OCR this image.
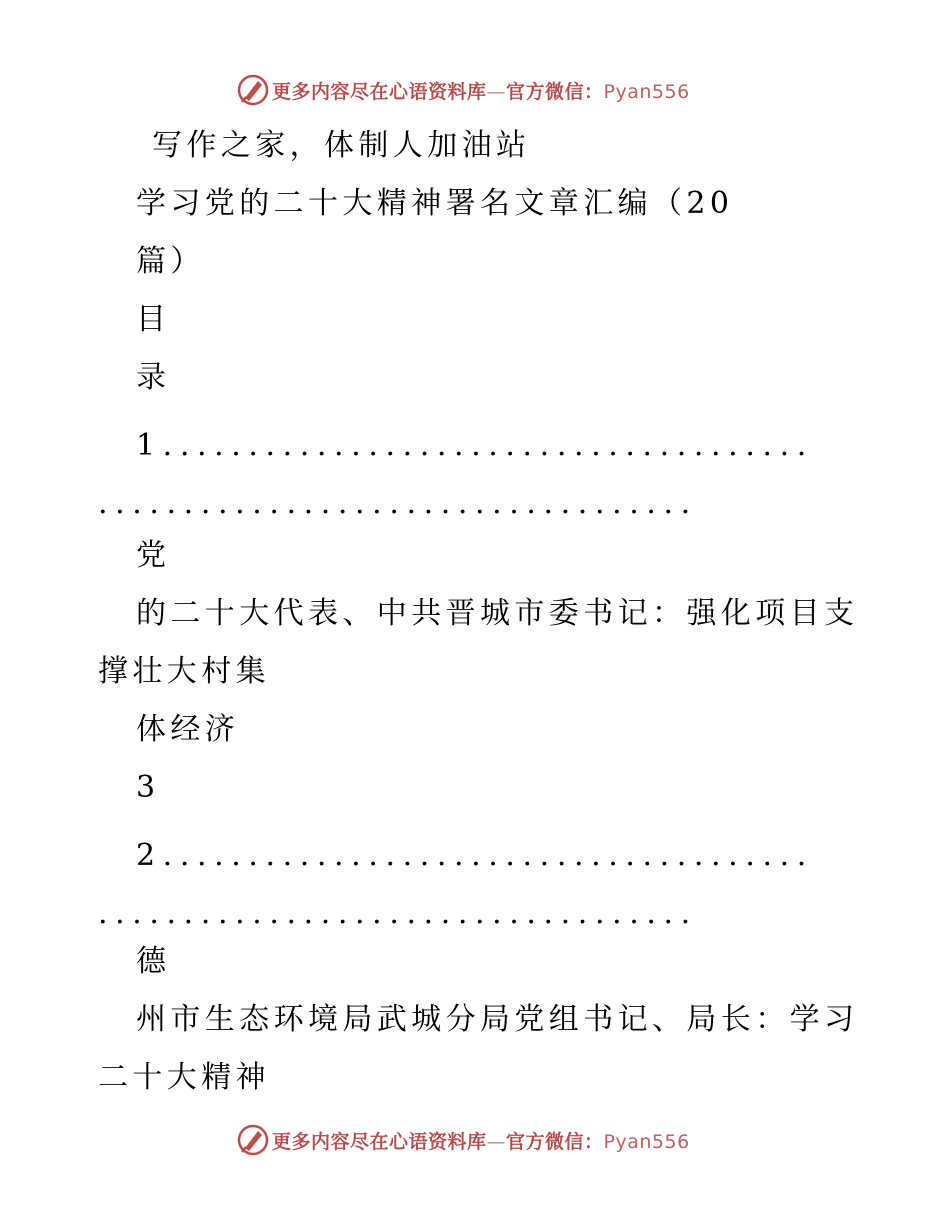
更多内容尽在心语资料库—官方微信：Pyan556
写作之家，体制人加油站
学习党的二十大精神署名文章汇编（20
篇）
目
录
1......................................
...................................
党
的二十大代表、中共晋城市委书记：强化项目支
撑壮大村集
体经济
3
2......................................
...................................
德
州市生态环境局武城分局党组书记、局长：学习
二十大精神
更多内容尽在心语资料库—官方微信：Pyan556
